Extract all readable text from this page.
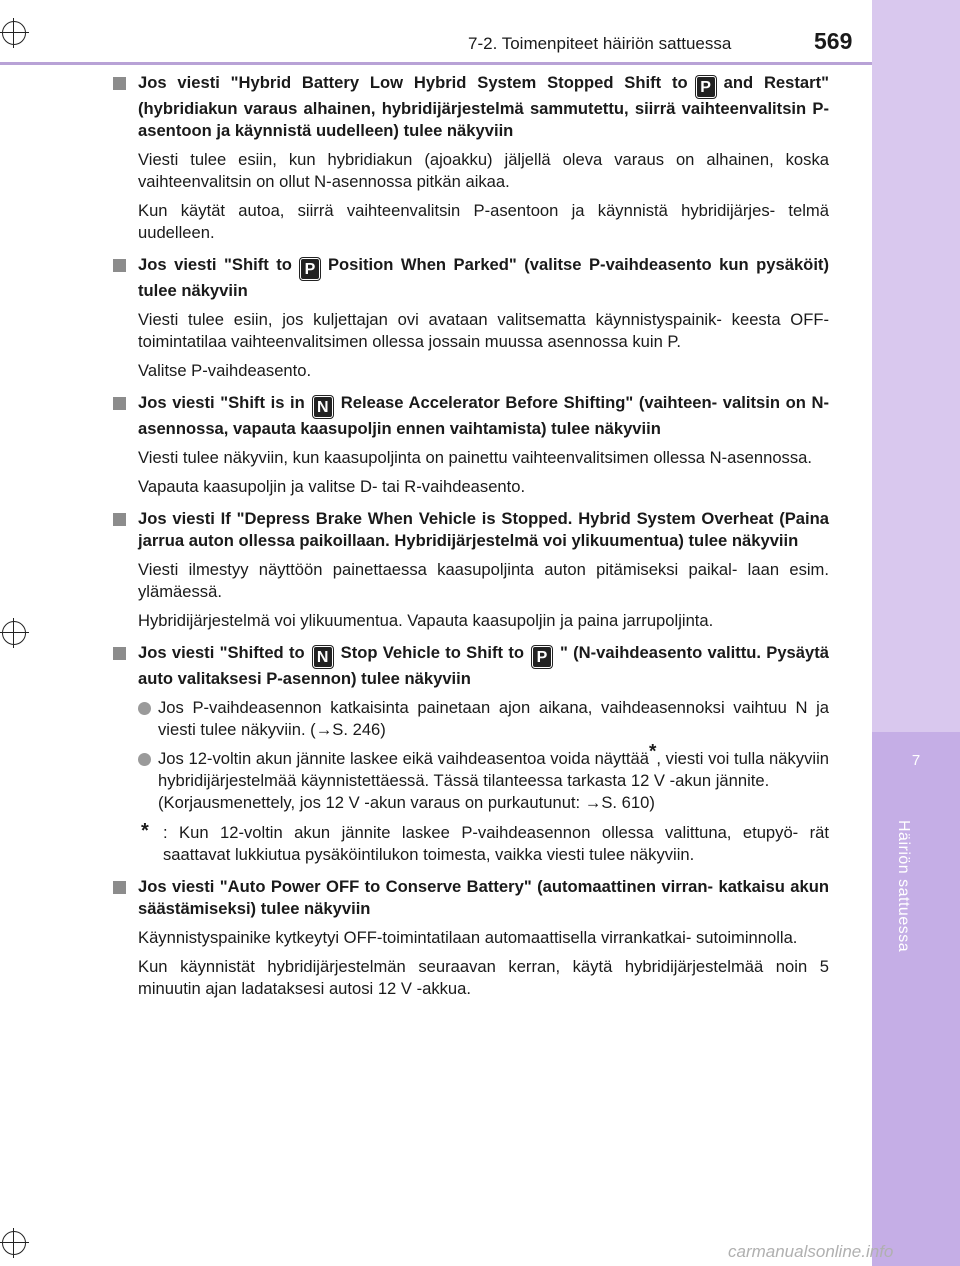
7
Häiriön sattuessa
7-2. Toimenpiteet häiriön sattuessa	569
Jos viesti "Hybrid Battery Low Hybrid System Stopped Shift to P and Restart" (hybridiakun varaus alhainen, hybridijärjestelmä sammutettu, siirrä vaihteenvalitsin P-asentoon ja käynnistä uudelleen) tulee näkyviin

Viesti tulee esiin, kun hybridiakun (ajoakku) jäljellä oleva varaus on alhainen, koska vaihteenvalitsin on ollut N-asennossa pitkän aikaa.

Kun käytät autoa, siirrä vaihteenvalitsin P-asentoon ja käynnistä hybridijärjes- telmä uudelleen.

Jos viesti "Shift to P Position When Parked" (valitse P-vaihdeasento kun pysäköit) tulee näkyviin

Viesti tulee esiin, jos kuljettajan ovi avataan valitsematta käynnistyspainik- keesta OFF-toimintatilaa vaihteenvalitsimen ollessa jossain muussa asennossa kuin P.

Valitse P-vaihdeasento.

Jos viesti "Shift is in N Release Accelerator Before Shifting" (vaihteen- valitsin on N-asennossa, vapauta kaasupoljin ennen vaihtamista) tulee näkyviin

Viesti tulee näkyviin, kun kaasupoljinta on painettu vaihteenvalitsimen ollessa N-asennossa.

Vapauta kaasupoljin ja valitse D- tai R-vaihdeasento.

Jos viesti If "Depress Brake When Vehicle is Stopped. Hybrid System Overheat (Paina jarrua auton ollessa paikoillaan. Hybridijärjestelmä voi ylikuumentua) tulee näkyviin

Viesti ilmestyy näyttöön painettaessa kaasupoljinta auton pitämiseksi paikal- laan esim. ylämäessä.

Hybridijärjestelmä voi ylikuumentua. Vapauta kaasupoljin ja paina jarrupoljinta.

Jos viesti "Shifted to N Stop Vehicle to Shift to P " (N-vaihdeasento valittu. Pysäytä auto valitaksesi P-asennon) tulee näkyviin
Jos P-vaihdeasennon katkaisinta painetaan ajon aikana, vaihdeasennoksi vaihtuu N ja viesti tulee näkyviin. (→S. 246)
Jos 12-voltin akun jännite laskee eikä vaihdeasentoa voida näyttää*, viesti voi tulla näkyviin hybridijärjestelmää käynnistettäessä. Tässä tilanteessa tarkasta 12 V -akun jännite.
(Korjausmenettely, jos 12 V -akun varaus on purkautunut: →S. 610)
* : Kun 12-voltin akun jännite laskee P-vaihdeasennon ollessa valittuna, etupyö- rät saattavat lukkiutua pysäköintilukon toimesta, vaikka viesti tulee näkyviin.
Jos viesti "Auto Power OFF to Conserve Battery" (automaattinen virran- katkaisu akun säästämiseksi) tulee näkyviin

Käynnistyspainike kytkeytyi OFF-toimintatilaan automaattisella virrankatkai- sutoiminnolla.

Kun käynnistät hybridijärjestelmän seuraavan kerran, käytä hybridijärjestelmää noin 5 minuutin ajan ladataksesi autosi 12 V -akkua.

carmanualsonline.info
